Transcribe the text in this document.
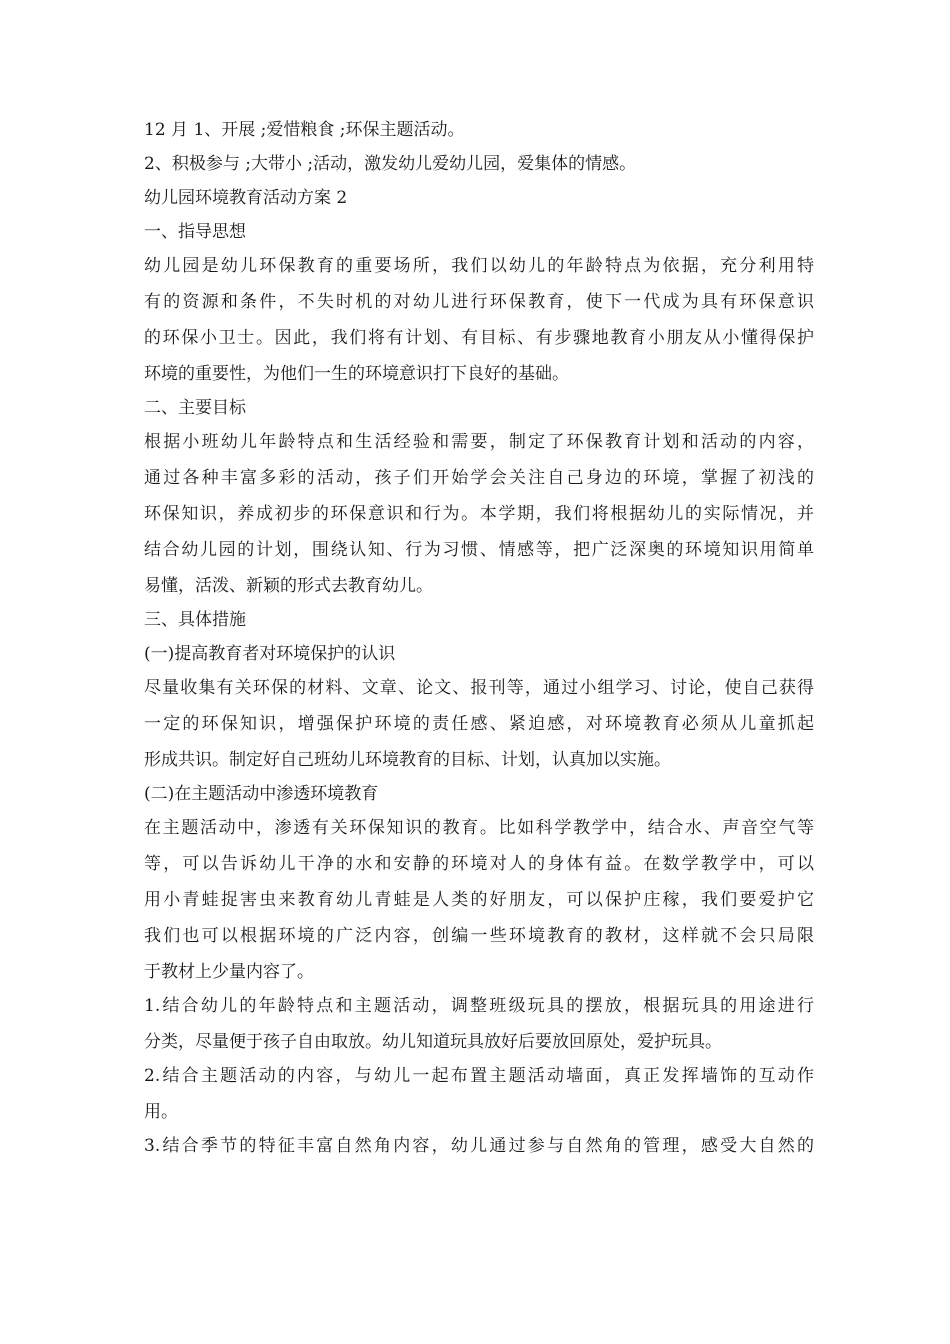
12 月 1、开展 ;爱惜粮食 ;环保主题活动。
2、积极参与 ;大带小 ;活动，激发幼儿爱幼儿园，爱集体的情感。
幼儿园环境教育活动方案 2
一、指导思想
幼儿园是幼儿环保教育的重要场所，我们以幼儿的年龄特点为依据，充分利用特
有的资源和条件，不失时机的对幼儿进行环保教育，使下一代成为具有环保意识
的环保小卫士。因此，我们将有计划、有目标、有步骤地教育小朋友从小懂得保护
环境的重要性，为他们一生的环境意识打下良好的基础。
二、主要目标
根据小班幼儿年龄特点和生活经验和需要，制定了环保教育计划和活动的内容，
通过各种丰富多彩的活动，孩子们开始学会关注自己身边的环境，掌握了初浅的
环保知识，养成初步的环保意识和行为。本学期，我们将根据幼儿的实际情况，并
结合幼儿园的计划，围绕认知、行为习惯、情感等，把广泛深奥的环境知识用简单
易懂，活泼、新颖的形式去教育幼儿。
三、具体措施
(一)提高教育者对环境保护的认识
尽量收集有关环保的材料、文章、论文、报刊等，通过小组学习、讨论，使自己获得
一定的环保知识，增强保护环境的责任感、紧迫感，对环境教育必须从儿童抓起
形成共识。制定好自己班幼儿环境教育的目标、计划，认真加以实施。
(二)在主题活动中渗透环境教育
在主题活动中，渗透有关环保知识的教育。比如科学教学中，结合水、声音空气等
等，可以告诉幼儿干净的水和安静的环境对人的身体有益。在数学教学中，可以
用小青蛙捉害虫来教育幼儿青蛙是人类的好朋友，可以保护庄稼，我们要爱护它
我们也可以根据环境的广泛内容，创编一些环境教育的教材，这样就不会只局限
于教材上少量内容了。
1.结合幼儿的年龄特点和主题活动，调整班级玩具的摆放，根据玩具的用途进行
分类，尽量便于孩子自由取放。幼儿知道玩具放好后要放回原处，爱护玩具。
2.结合主题活动的内容，与幼儿一起布置主题活动墙面，真正发挥墙饰的互动作
用。
3.结合季节的特征丰富自然角内容，幼儿通过参与自然角的管理，感受大自然的
